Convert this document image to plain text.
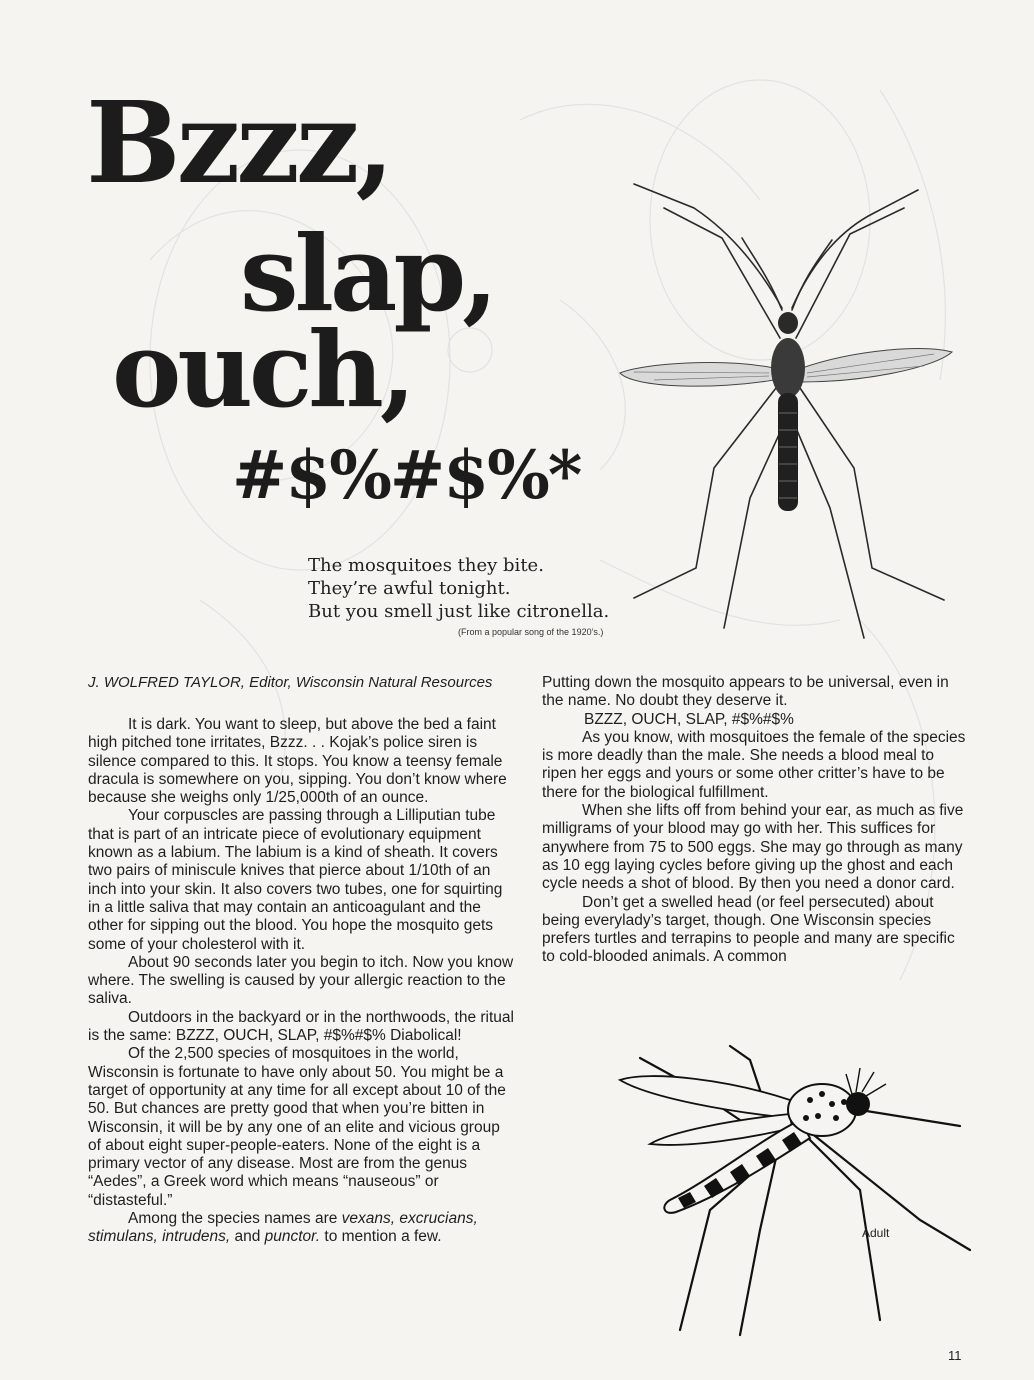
Bzzz,
slap,
ouch,
#$%#$%*
The mosquitoes they bite.
They’re awful tonight.
But you smell just like citronella.
(From a popular song of the 1920’s.)
J. WOLFRED TAYLOR, Editor, Wisconsin Natural Resources

It is dark. You want to sleep, but above the bed a faint high pitched tone irritates, Bzzz. . . Kojak’s police siren is silence compared to this. It stops. You know a teensy female dracula is somewhere on you, sipping. You don’t know where because she weighs only 1/25,000th of an ounce.

Your corpuscles are passing through a Lilliputian tube that is part of an intricate piece of evolutionary equipment known as a labium. The labium is a kind of sheath. It covers two pairs of miniscule knives that pierce about 1/10th of an inch into your skin. It also covers two tubes, one for squirting in a little saliva that may contain an anticoagulant and the other for sipping out the blood. You hope the mosquito gets some of your cholesterol with it.

About 90 seconds later you begin to itch. Now you know where. The swelling is caused by your allergic reaction to the saliva.

Outdoors in the backyard or in the northwoods, the ritual is the same: BZZZ, OUCH, SLAP, #$%#$% Diabolical!

Of the 2,500 species of mosquitoes in the world, Wisconsin is fortunate to have only about 50. You might be a target of opportunity at any time for all except about 10 of the 50. But chances are pretty good that when you’re bitten in Wisconsin, it will be by any one of an elite and vicious group of about eight super-people-eaters. None of the eight is a primary vector of any disease. Most are from the genus “Aedes”, a Greek word which means “nauseous” or “distasteful.”

Among the species names are vexans, excrucians, stimulans, intrudens, and punctor. to mention a few.

Putting down the mosquito appears to be universal, even in the name. No doubt they deserve it.

BZZZ, OUCH, SLAP, #$%#$%

As you know, with mosquitoes the female of the species is more deadly than the male. She needs a blood meal to ripen her eggs and yours or some other critter’s have to be there for the biological fulfillment.

When she lifts off from behind your ear, as much as five milligrams of your blood may go with her. This suffices for anywhere from 75 to 500 eggs. She may go through as many as 10 egg laying cycles before giving up the ghost and each cycle needs a shot of blood. By then you need a donor card.

Don’t get a swelled head (or feel persecuted) about being everylady’s target, though. One Wisconsin species prefers turtles and terrapins to people and many are specific to cold-blooded animals. A common

Adult
11
